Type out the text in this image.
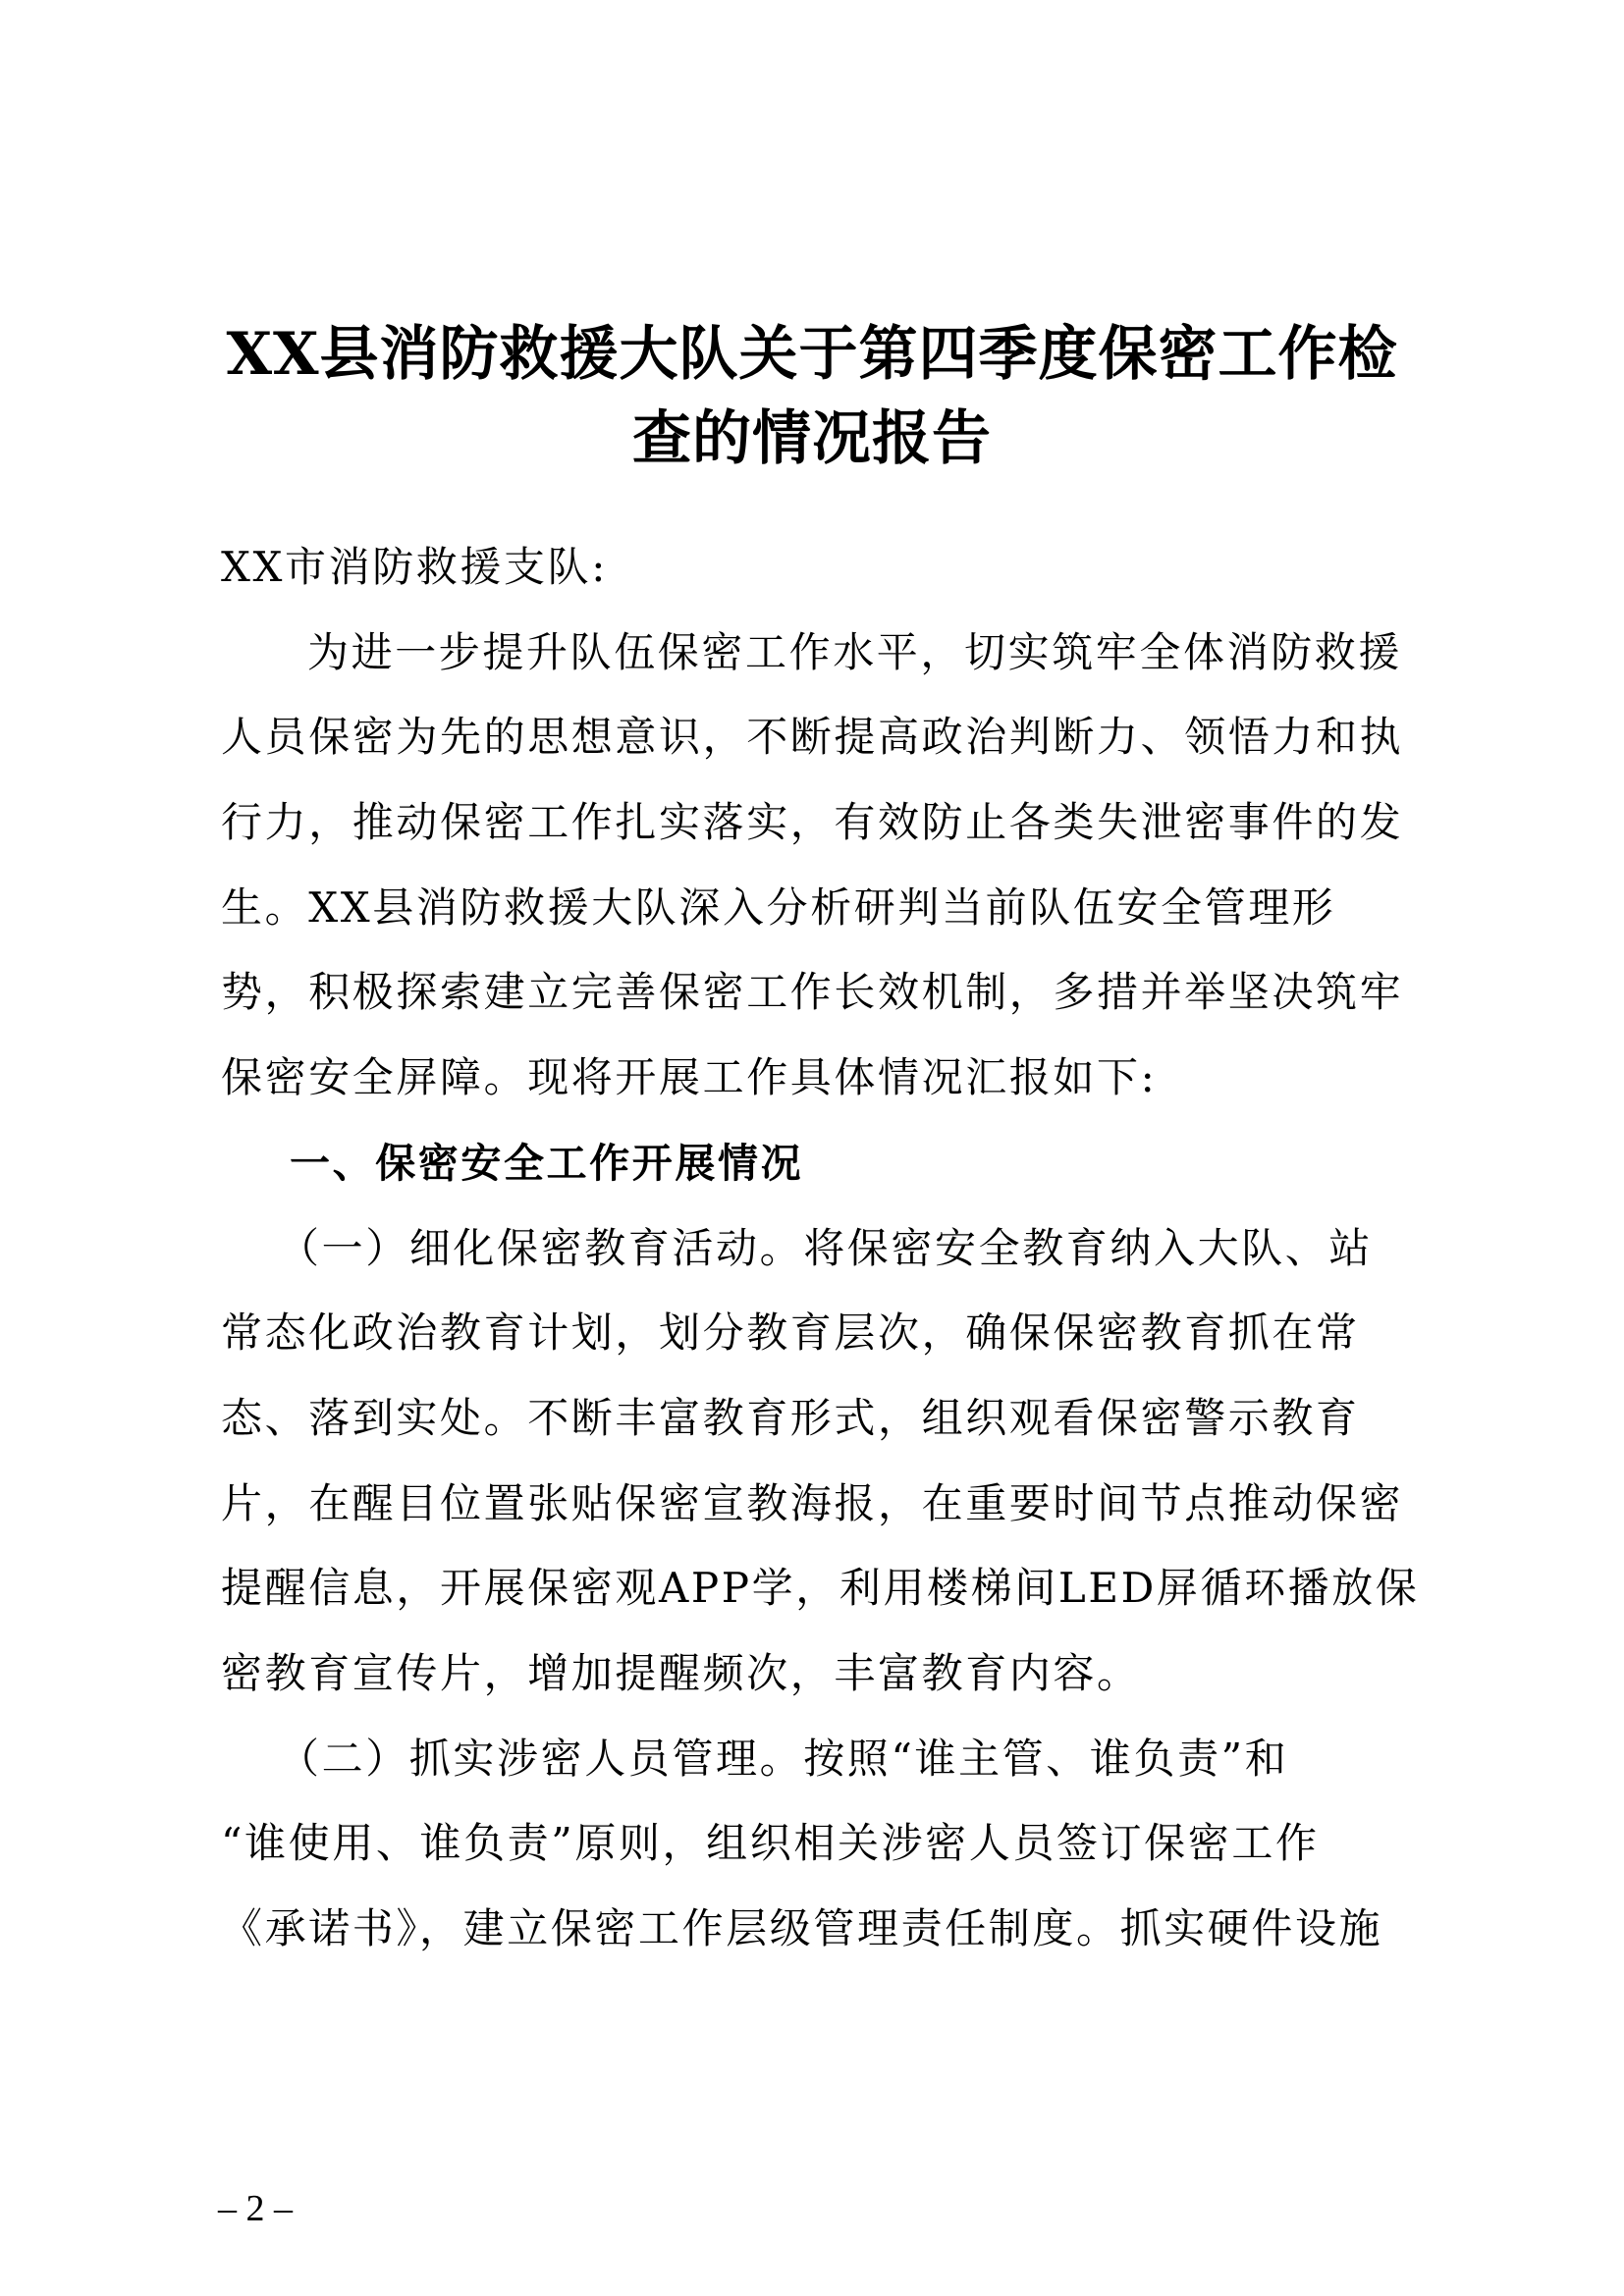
XX县消防救援大队关于第四季度保密工作检
查的情况报告
XX市消防救援支队:
为进一步提升队伍保密工作水平，切实筑牢全体消防救援
人员保密为先的思想意识，不断提高政治判断力、领悟力和执
行力，推动保密工作扎实落实，有效防止各类失泄密事件的发
生。XX县消防救援大队深入分析研判当前队伍安全管理形
势，积极探索建立完善保密工作长效机制，多措并举坚决筑牢
保密安全屏障。现将开展工作具体情况汇报如下:
一、保密安全工作开展情况
（一）细化保密教育活动。将保密安全教育纳入大队、站
常态化政治教育计划，划分教育层次，确保保密教育抓在常
态、落到实处。不断丰富教育形式，组织观看保密警示教育
片，在醒目位置张贴保密宣教海报，在重要时间节点推动保密
提醒信息，开展保密观APP学，利用楼梯间LED屏循环播放保
密教育宣传片，增加提醒频次，丰富教育内容。
（二）抓实涉密人员管理。按照“谁主管、谁负责”和
“谁使用、谁负责”原则，组织相关涉密人员签订保密工作
《承诺书》，建立保密工作层级管理责任制度。抓实硬件设施
– 2 –
